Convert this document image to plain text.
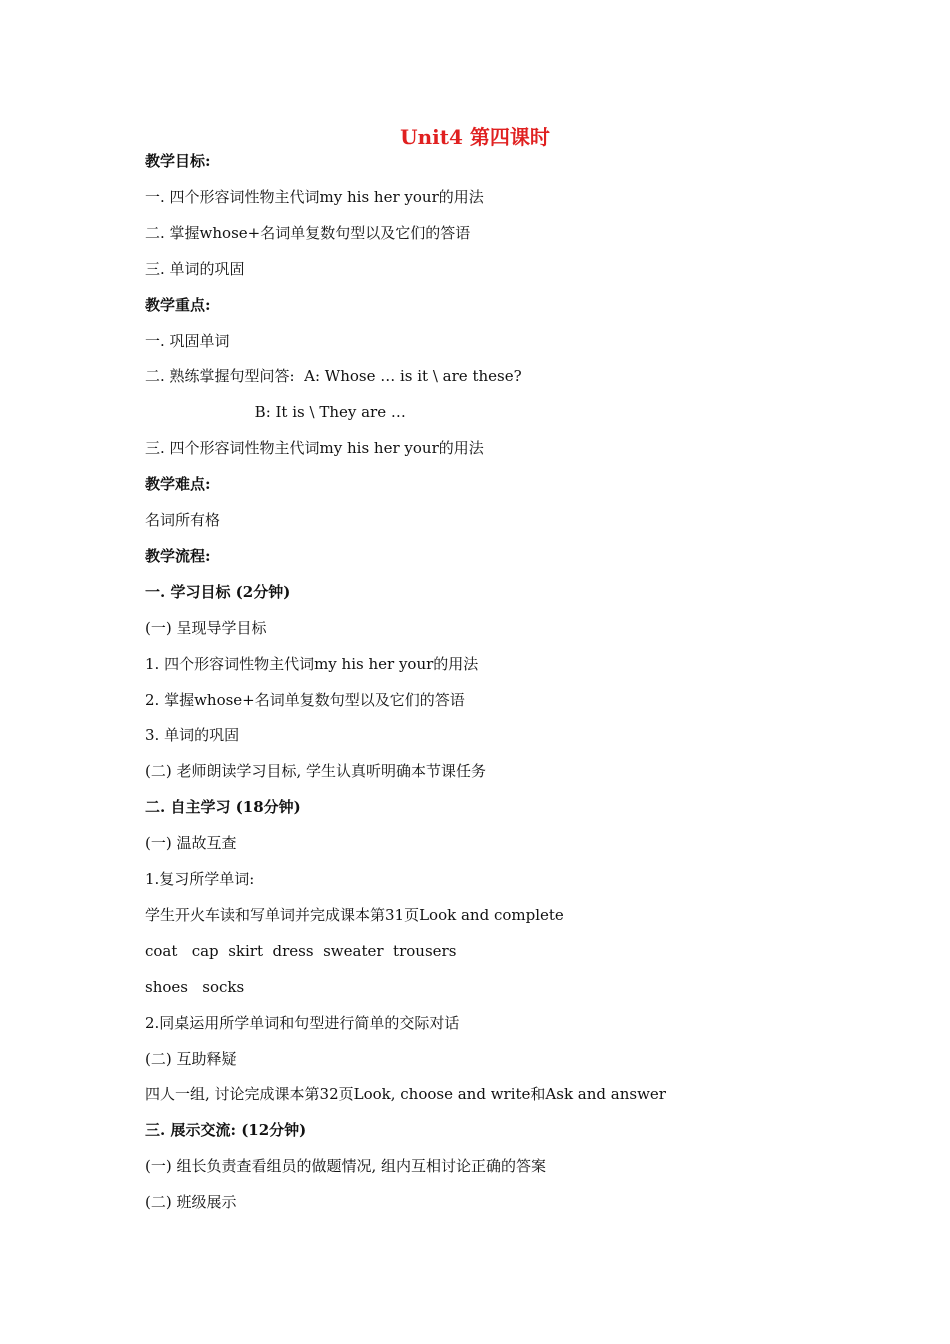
Unit4 第四课时
教学目标:
一. 四个形容词性物主代词my his her your的用法
二. 掌握whose+名词单复数句型以及它们的答语
三. 单词的巩固
教学重点:
一. 巩固单词
二. 熟练掌握句型问答:  A: Whose … is it \ are these?
B: It is \ They are …
三. 四个形容词性物主代词my his her your的用法
教学难点:
名词所有格
教学流程:
一. 学习目标 (2分钟)
(一) 呈现导学目标
1. 四个形容词性物主代词my his her your的用法
2. 掌握whose+名词单复数句型以及它们的答语
3. 单词的巩固
(二) 老师朗读学习目标, 学生认真听明确本节课任务
二. 自主学习 (18分钟)
(一) 温故互查
1.复习所学单词:
学生开火车读和写单词并完成课本第31页Look and complete
coat   cap  skirt  dress  sweater  trousers
shoes   socks
2.同桌运用所学单词和句型进行简单的交际对话
(二) 互助释疑
四人一组, 讨论完成课本第32页Look, choose and write和Ask and answer
三. 展示交流: (12分钟)
(一) 组长负责查看组员的做题情况, 组内互相讨论正确的答案
(二) 班级展示
